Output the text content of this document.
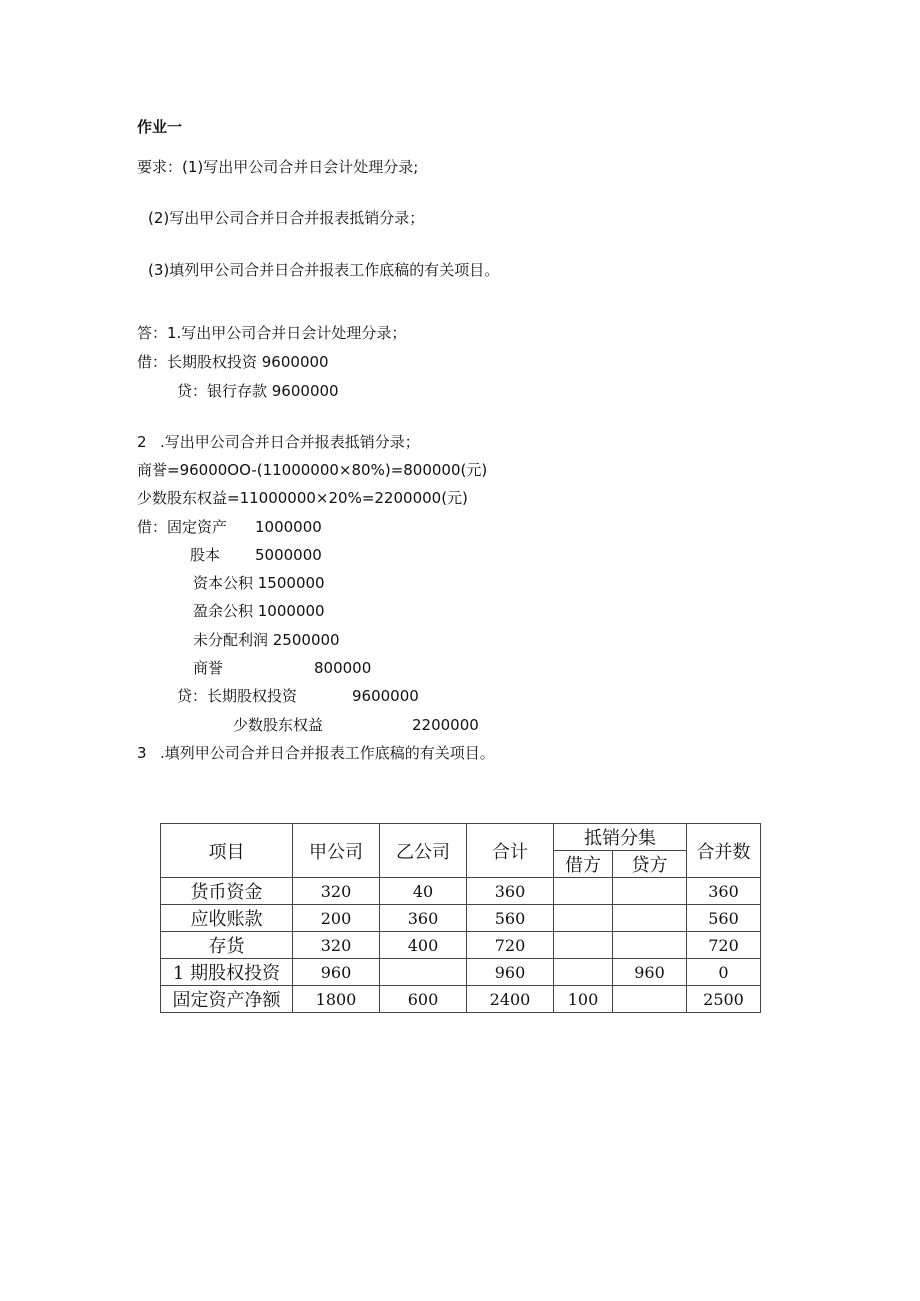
作业一
要求：(1)写出甲公司合并日会计处理分录;
(2)写出甲公司合并日合并报表抵销分录；
(3)填列甲公司合并日合并报表工作底稿的有关项目。
答：1.写出甲公司合并日会计处理分录；
借：长期股权投资 9600000
贷：银行存款 9600000
2 .写出甲公司合并日合并报表抵销分录；
商誉=96000OO-(11000000×80%)=800000(元)
少数股东权益=11000000×20%=2200000(元)
借：固定资产 1000000
股本 5000000
资本公积 1500000
盈余公积 1000000
未分配利润 2500000
商誉	800000
贷：长期股权投资	9600000
少数股东权益	2200000
3 .填列甲公司合并日合并报表工作底稿的有关项目。
项目	甲公司	乙公司	合计	抵销分集		合并数
				借方	贷方	
货币资金	320	40	360			360
应收账款	200	360	560			560
存货	320	400	720			720
1 期股权投资	960		960		960	0
固定资产净额	1800	600	2400	100		2500
